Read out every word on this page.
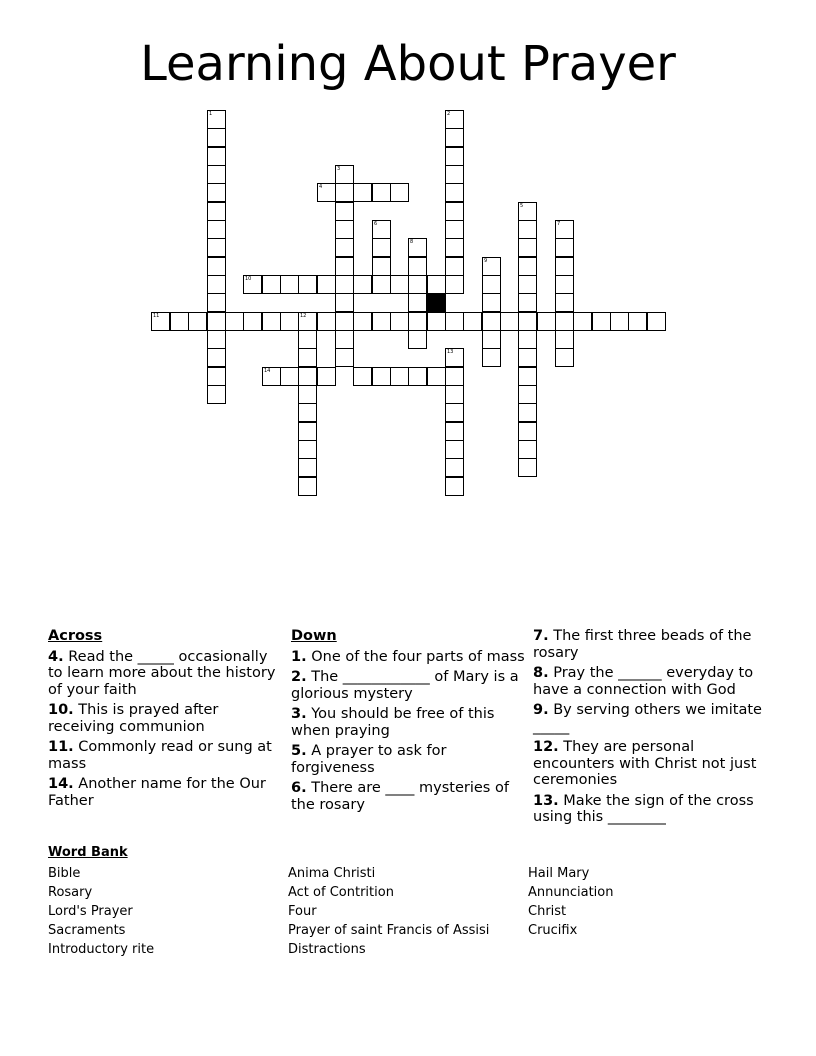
Learning About Prayer
1	2
3
4
5
6	7
8
9
10
11	12
13
14
Across
4. Read the _____ occasionally to learn more about the history of your faith
10. This is prayed after receiving communion
11. Commonly read or sung at mass
14. Another name for the Our Father
Down
1. One of the four parts of mass
2. The ____________ of Mary is a glorious mystery
3. You should be free of this when praying
5. A prayer to ask for forgiveness
6. There are ____ mysteries of the rosary
7. The first three beads of the rosary
8. Pray the ______ everyday to have a connection with God
9. By serving others we imitate _____
12. They are personal encounters with Christ not just ceremonies
13. Make the sign of the cross using this ________
Word Bank
Bible
Rosary
Lord's Prayer
Sacraments
Introductory rite
Anima Christi
Act of Contrition
Four
Prayer of saint Francis of Assisi
Distractions
Hail Mary
Annunciation
Christ
Crucifix
